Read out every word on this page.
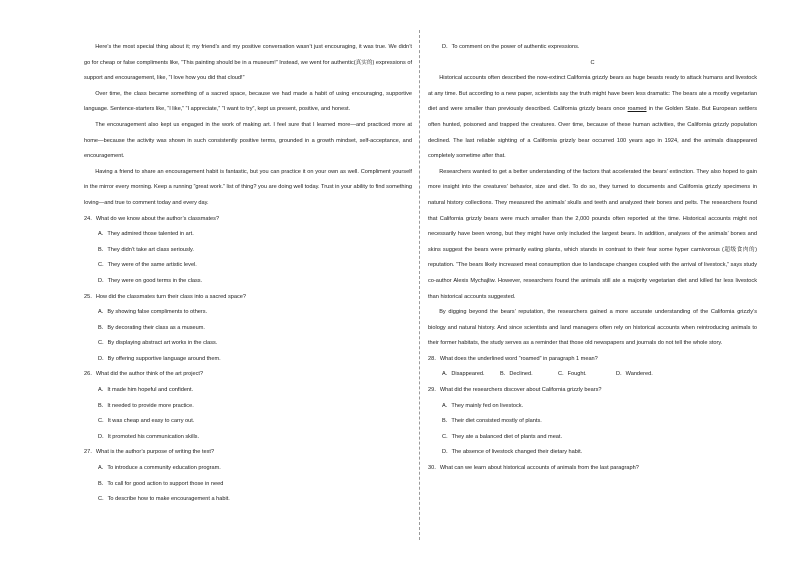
Here’s the most special thing about it; my friend’s and my positive conversation wasn’t just encouraging, it was true. We didn’t go for cheap or false compliments like, “This painting should be in a museum!” Instead, we went for authentic(真实的) expressions of support and encouragement, like, “I love how you did that cloud!”

Over time, the class became something of a sacred space, because we had made a habit of using encouraging, supportive language. Sentence-starters like, “I like,” “I appreciate,” “I want to try”, kept us present, positive, and honest.

The encouragement also kept us engaged in the work of making art. I feel sure that I learned more—and practiced more at home—because the activity was shown in such consistently positive terms, grounded in a growth mindset, self-acceptance, and encouragement.

Having a friend to share an encouragement habit is fantastic, but you can practice it on your own as well. Compliment yourself in the mirror every morning. Keep a running “great work.” list of thing? you are doing well today. Trust in your ability to find something loving—and true to comment today and every day.

24．What do we know about the author’s classmates?

A．They admired those talented in art.

B．They didn’t take art class seriously.

C．They were of the same artistic level.

D．They were on good terms in the class.

25．How did the classmates turn their class into a sacred space?

A．By showing false compliments to others.

B．By decorating their class as a museum.

C．By displaying abstract art works in the class.

D．By offering supportive language around them.

26．What did the author think of the art project?

A．It made him hopeful and confident.

B．It needed to provide more practice.

C．It was cheap and easy to carry out.

D．It promoted his communication skills.

27．What is the author’s purpose of writing the text?

A．To introduce a community education program.

B．To call for good action to support those in need

C．To describe how to make encouragement a habit.

D．To comment on the power of authentic expressions.

C

Historical accounts often described the now-extinct California grizzly bears as huge beasts ready to attack humans and livestock at any time. But according to a new paper, scientists say the truth might have been less dramatic: The bears ate a mostly vegetarian diet and were smaller than previously described. California grizzly bears once roamed in the Golden State. But European settlers often hunted, poisoned and trapped the creatures. Over time, because of these human activities, the California grizzly population declined. The last reliable sighting of a California grizzly bear occurred 100 years ago in 1924, and the animals disappeared completely sometime after that.

Researchers wanted to get a better understanding of the factors that accelerated the bears’ extinction. They also hoped to gain more insight into the creatures’ behavior, size and diet. To do so, they turned to documents and California grizzly specimens in natural history collections. They measured the animals’ skulls and teeth and analyzed their bones and pelts. The researchers found that California grizzly bears were much smaller than the 2,000 pounds often reported at the time. Historical accounts might not necessarily have been wrong, but they might have only included the largest bears. In addition, analyses of the animals’ bones and skins suggest the bears were primarily eating plants, which stands in contrast to their fear some hyper carnivorous (超级食肉的) reputation. “The bears likely increased meat consumption due to landscape changes coupled with the arrival of livestock,” says study co-author Alexis Mychajliw. However, researchers found the animals still ate a majority vegetarian diet and killed far less livestock than historical accounts suggested.

By digging beyond the bears’ reputation, the researchers gained a more accurate understanding of the California grizzly’s biology and natural history. And since scientists and land managers often rely on historical accounts when reintroducing animals to their former habitats, the study serves as a reminder that those old newspapers and journals do not tell the whole story.

28．What does the underlined word “roamed” in paragraph 1 mean?

A．Disappeared.	B．Declined.	C．Fought.	D．Wandered.

29．What did the researchers discover about California grizzly bears?

A．They mainly fed on livestock.

B．Their diet consisted mostly of plants.

C．They ate a balanced diet of plants and meat.

D．The absence of livestock changed their dietary habit.

30．What can we learn about historical accounts of animals from the last paragraph?
